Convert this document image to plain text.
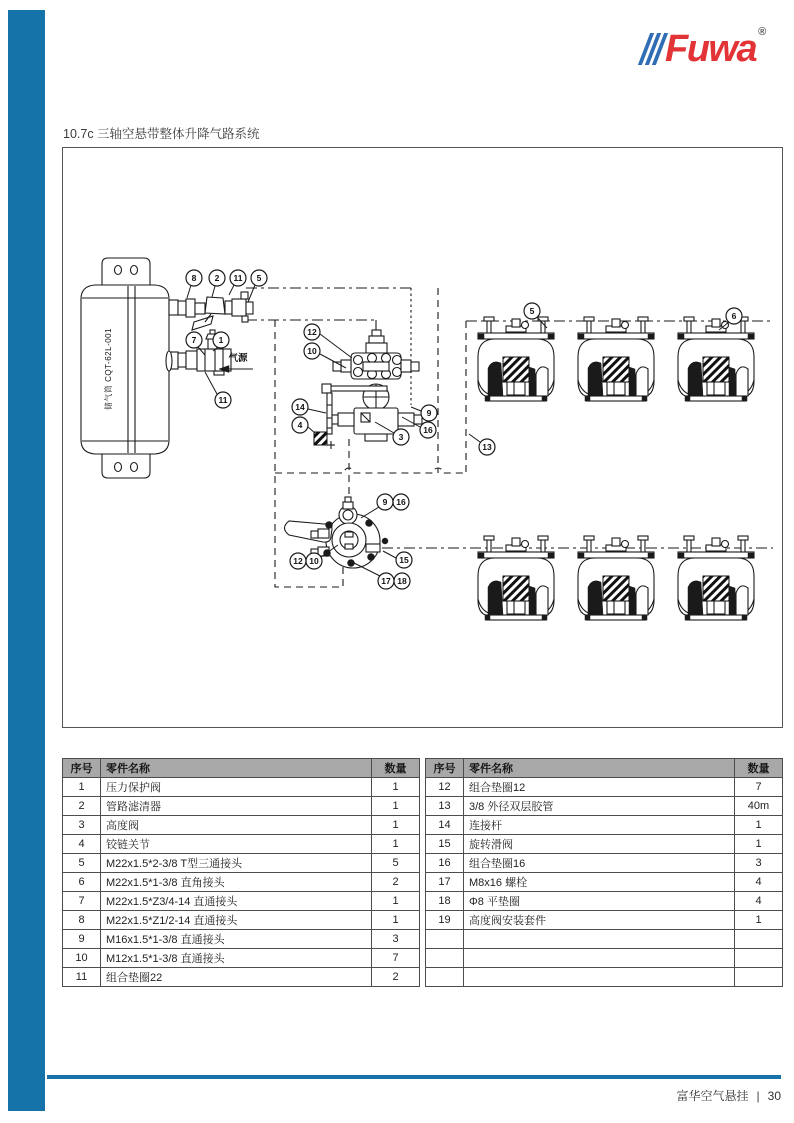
Fuwa ®
10.7c 三轴空悬带整体升降气路系统
储气筒 CQT-62L-001	气源
8 2 11 5
7	1
11
12
10
9
16
3
14
4
9 16
12 10	15
17 18
5	6
13
序号	零件名称	数量
1	压力保护阀	1
2	管路滤清器	1
3	高度阀	1
4	铰链关节	1
5	M22x1.5*2-3/8 T型三通接头	5
6	M22x1.5*1-3/8 直角接头	2
7	M22x1.5*Z3/4-14 直通接头	1
8	M22x1.5*Z1/2-14 直通接头	1
9	M16x1.5*1-3/8 直通接头	3
10	M12x1.5*1-3/8 直通接头	7
11	组合垫圈22	2
序号	零件名称	数量
12	组合垫圈12	7
13	3/8 外径双层胶管	40m
14	连接杆	1
15	旋转滑阀	1
16	组合垫圈16	3
17	M8x16 螺栓	4
18	Φ8 平垫圈	4
19	高度阀安装套件	1

富华空气悬挂 | 30
